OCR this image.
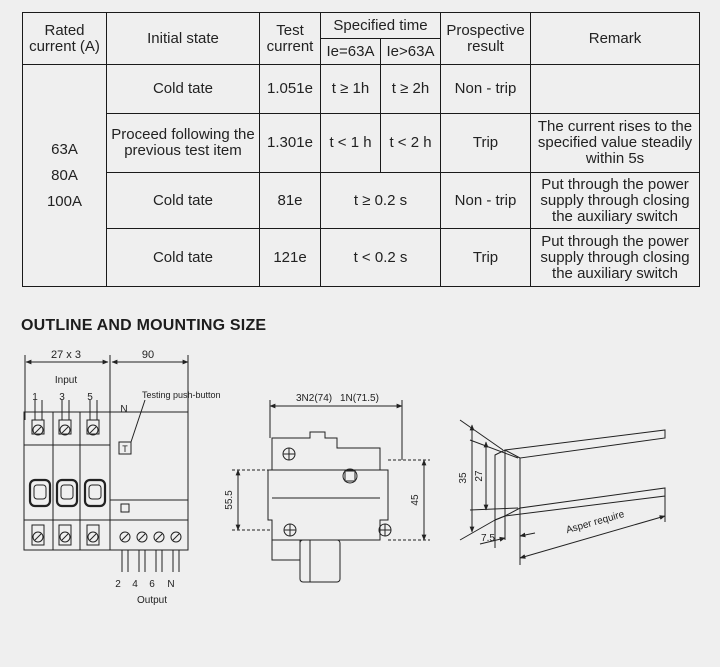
Rated current (A)	Initial state	Test current	Specified time		Prospective result	Remark
			Ie=63A	Ie>63A		

63A
80A
100A	Cold tate	1.051e	t ≥ 1h	t ≥ 2h	Non - trip	
	Proceed following the previous test item	1.301e	t < 1 h	t < 2 h	Trip	The current rises to the specified value steadily within 5s
	Cold tate	81e	t ≥ 0.2 s		Non - trip	Put through the power supply through closing the auxiliary switch
	Cold tate	121e	t < 0.2 s		Trip	Put through the power supply through closing the auxiliary switch
OUTLINE AND MOUNTING SIZE
27 x 3	90
Input
1 3 5
N
Testing push-button
T
2 4 6 N
Output
3N2(74) 1N(71.5)
55.5	45
35 27
7.5
Asper require
